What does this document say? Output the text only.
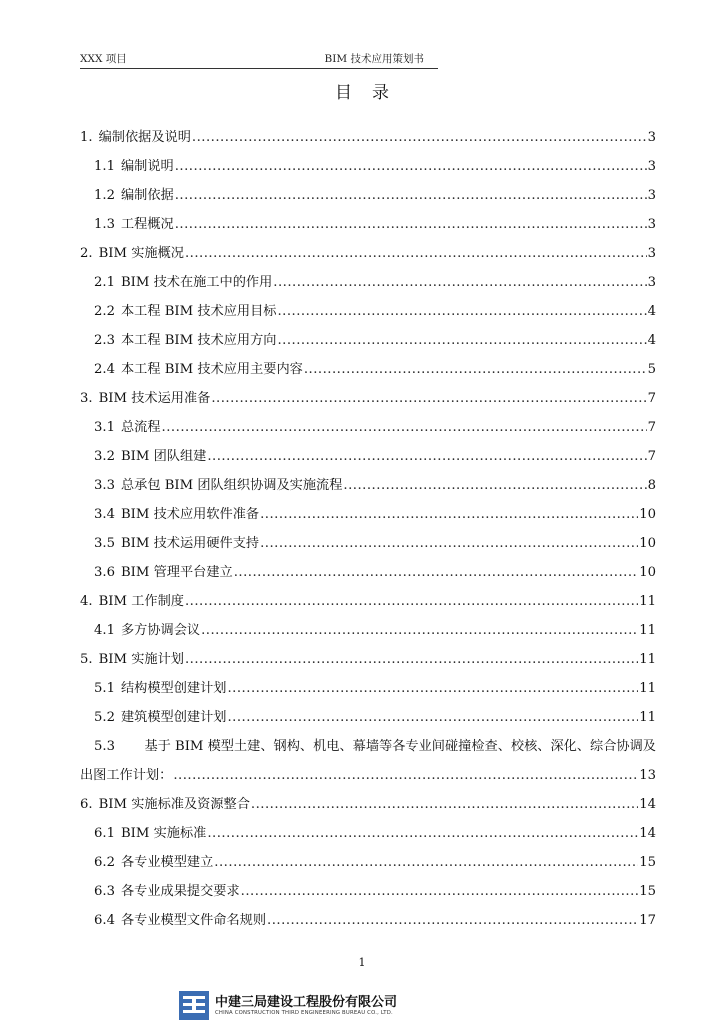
XXX 项目	BIM 技术应用策划书
目录
1. 编制依据及说明 .....	3
1.1 编制说明 .....	3
1.2 编制依据 .....	3
1.3 工程概况 .....	3
2. BIM 实施概况 .....	3
2.1 BIM 技术在施工中的作用 .....	3
2.2 本工程 BIM 技术应用目标 .....	4
2.3 本工程 BIM 技术应用方向 .....	4
2.4 本工程 BIM 技术应用主要内容 .....	5
3. BIM 技术运用准备 .....	7
3.1 总流程 .....	7
3.2 BIM 团队组建 .....	7
3.3 总承包 BIM 团队组织协调及实施流程 .....	8
3.4 BIM 技术应用软件准备 .....	10
3.5 BIM 技术运用硬件支持 .....	10
3.6 BIM 管理平台建立 .....	10
4. BIM 工作制度 .....	11
4.1 多方协调会议 .....	11
5. BIM 实施计划 .....	11
5.1 结构模型创建计划 .....	11
5.2 建筑模型创建计划 .....	11
5.3 基于 BIM 模型土建、钢构、机电、幕墙等各专业间碰撞检查、校核、深化、综合协调及
出图工作计划： .....	13
6. BIM 实施标准及资源整合 .....	14
6.1 BIM 实施标准 .....	14
6.2 各专业模型建立 .....	15
6.3 各专业成果提交要求 .....	15
6.4 各专业模型文件命名规则 .....	17
1
中建三局建设工程股份有限公司
CHINA CONSTRUCTION THIRD ENGINEERING BUREAU CO., LTD.
